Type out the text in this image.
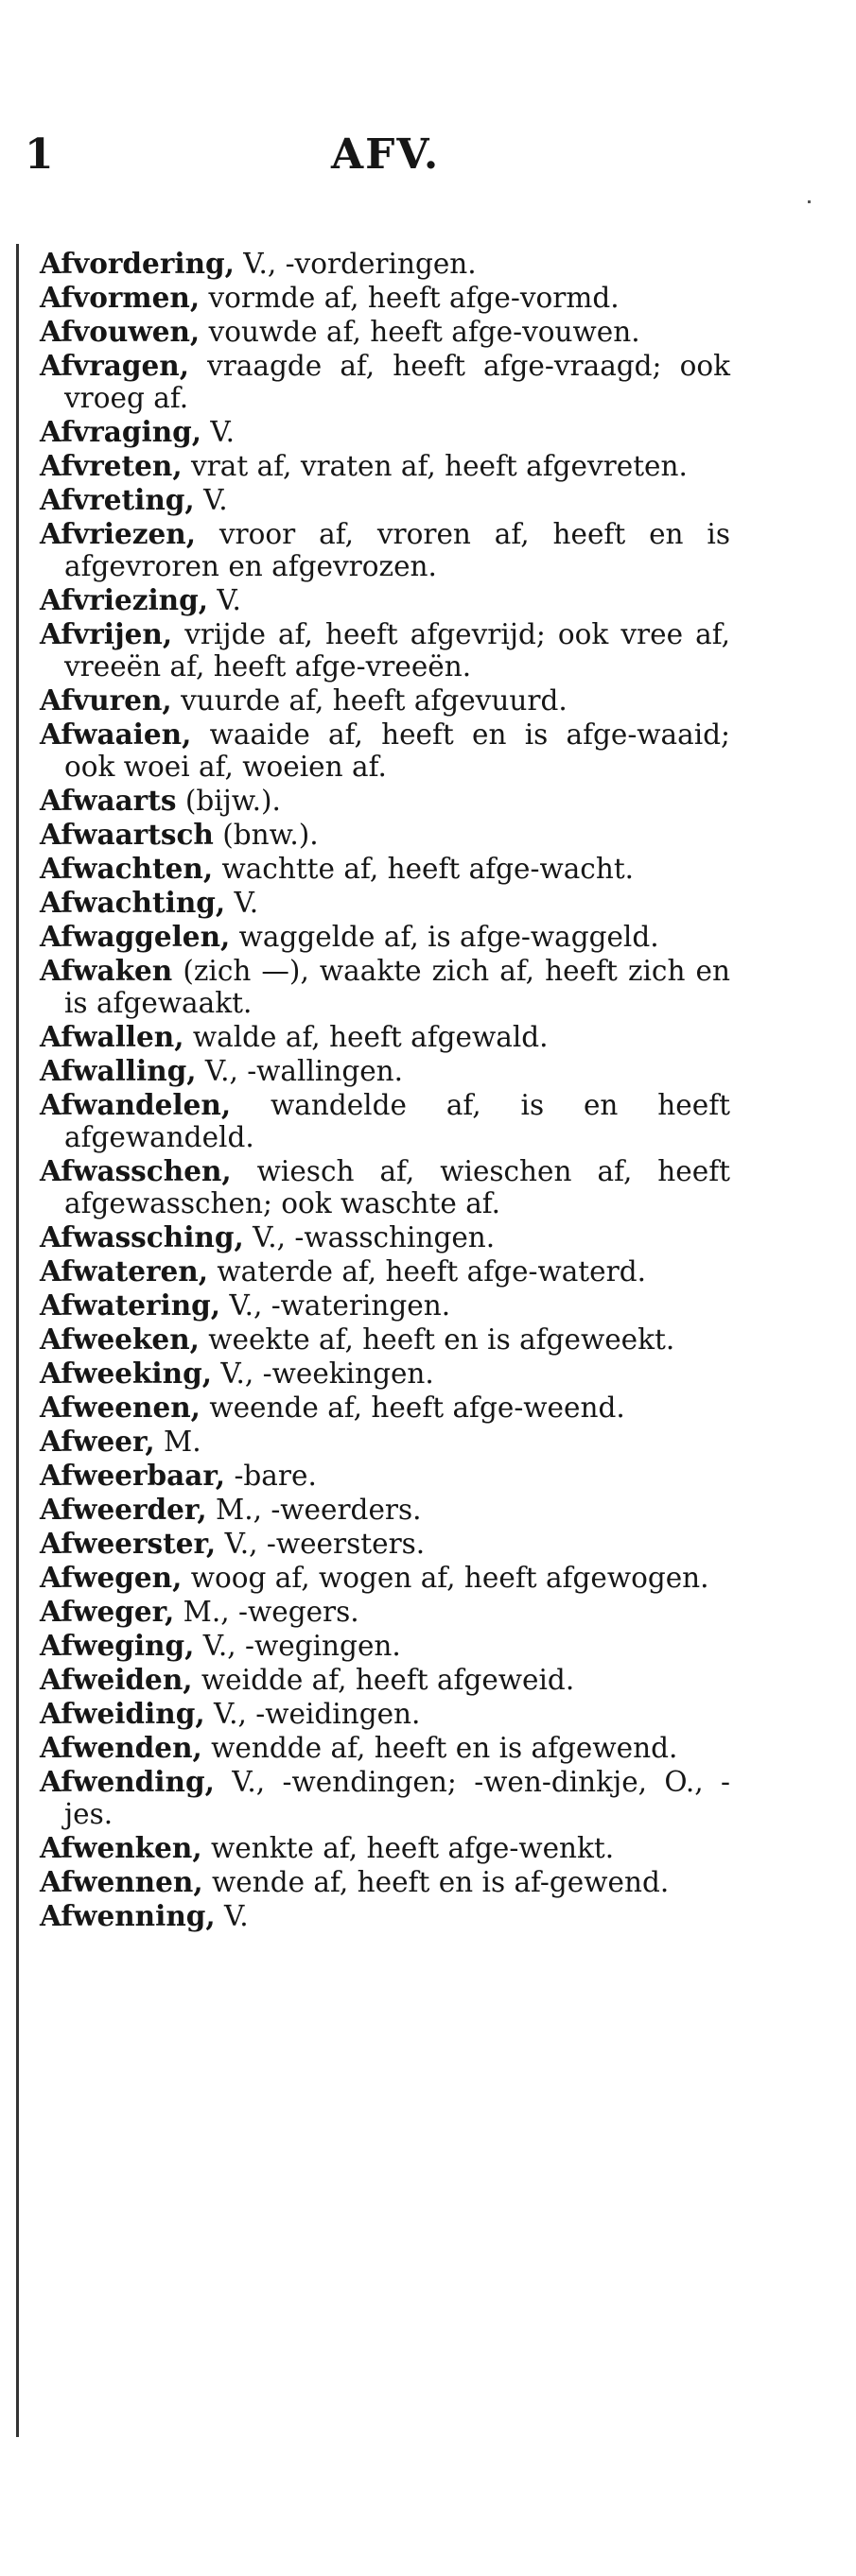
1	AFV.

Afvordering, V., -vorderingen.

Afvormen, vormde af, heeft afge-vormd.

Afvouwen, vouwde af, heeft afge-vouwen.

Afvragen, vraagde af, heeft afge-vraagd; ook vroeg af.

Afvraging, V.

Afvreten, vrat af, vraten af, heeft afgevreten.

Afvreting, V.

Afvriezen, vroor af, vroren af, heeft en is afgevroren en afgevrozen.

Afvriezing, V.

Afvrijen, vrijde af, heeft afgevrijd; ook vree af, vreeën af, heeft afge-vreeën.

Afvuren, vuurde af, heeft afgevuurd.

Afwaaien, waaide af, heeft en is afge-waaid; ook woei af, woeien af.

Afwaarts (bijw.).

Afwaartsch (bnw.).

Afwachten, wachtte af, heeft afge-wacht.

Afwachting, V.

Afwaggelen, waggelde af, is afge-waggeld.

Afwaken (zich —), waakte zich af, heeft zich en is afgewaakt.

Afwallen, walde af, heeft afgewald.

Afwalling, V., -wallingen.

Afwandelen, wandelde af, is en heeft afgewandeld.

Afwasschen, wiesch af, wieschen af, heeft afgewasschen; ook waschte af.

Afwassching, V., -wasschingen.

Afwateren, waterde af, heeft afge-waterd.

Afwatering, V., -wateringen.

Afweeken, weekte af, heeft en is afgeweekt.

Afweeking, V., -weekingen.

Afweenen, weende af, heeft afge-weend.

Afweer, M.

Afweerbaar, -bare.

Afweerder, M., -weerders.

Afweerster, V., -weersters.

Afwegen, woog af, wogen af, heeft afgewogen.

Afweger, M., -wegers.

Afweging, V., -wegingen.

Afweiden, weidde af, heeft afgeweid.

Afweiding, V., -weidingen.

Afwenden, wendde af, heeft en is afgewend.

Afwending, V., -wendingen; -wen-dinkje, O., -jes.

Afwenken, wenkte af, heeft afge-wenkt.

Afwennen, wende af, heeft en is af-gewend.

Afwenning, V.
